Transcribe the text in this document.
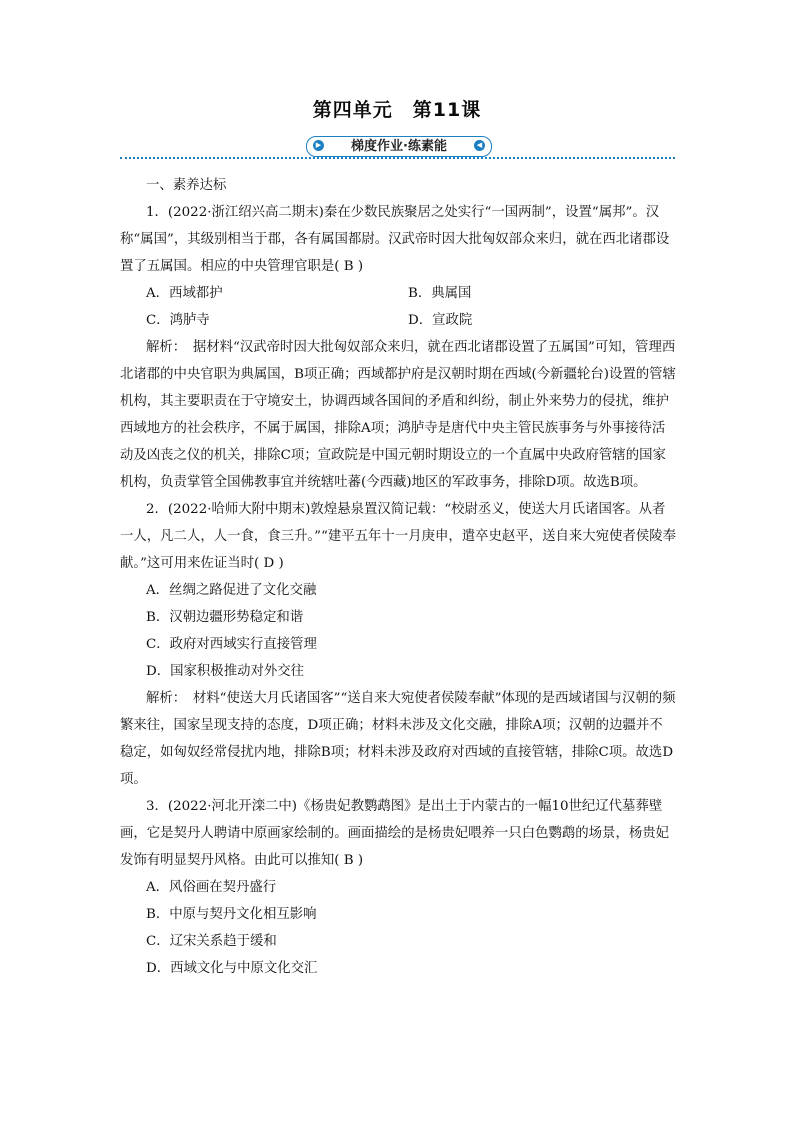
第四单元　第11课
▶	梯度作业·练素能	◀

一、素养达标

1．(2022·浙江绍兴高二期末)秦在少数民族聚居之处实行“一国两制”，设置“属邦”。汉称“属国”，其级别相当于郡，各有属国都尉。汉武帝时因大批匈奴部众来归，就在西北诸郡设置了五属国。相应的中央管理官职是( B )

A．西域都护	B．典属国
C．鸿胪寺	D．宣政院

解析：　据材料“汉武帝时因大批匈奴部众来归，就在西北诸郡设置了五属国”可知，管理西北诸郡的中央官职为典属国，B项正确；西域都护府是汉朝时期在西域(今新疆轮台)设置的管辖机构，其主要职责在于守境安土，协调西域各国间的矛盾和纠纷，制止外来势力的侵扰，维护西域地方的社会秩序，不属于属国，排除A项；鸿胪寺是唐代中央主管民族事务与外事接待活动及凶丧之仪的机关，排除C项；宣政院是中国元朝时期设立的一个直属中央政府管辖的国家机构，负责掌管全国佛教事宜并统辖吐蕃(今西藏)地区的军政事务，排除D项。故选B项。

2．(2022·哈师大附中期末)敦煌悬泉置汉简记载：“校尉丞义，使送大月氏诸国客。从者一人，凡二人，人一食，食三升。”“建平五年十一月庚申，遣卒史赵平，送自来大宛使者侯陵奉献。”这可用来佐证当时( D )

A．丝绸之路促进了文化交融

B．汉朝边疆形势稳定和谐

C．政府对西域实行直接管理

D．国家积极推动对外交往

解析：　材料“使送大月氏诸国客”“送自来大宛使者侯陵奉献”体现的是西域诸国与汉朝的频繁来往，国家呈现支持的态度，D项正确；材料未涉及文化交融，排除A项；汉朝的边疆并不稳定，如匈奴经常侵扰内地，排除B项；材料未涉及政府对西域的直接管辖，排除C项。故选D项。

3．(2022·河北开滦二中)《杨贵妃教鹦鹉图》是出土于内蒙古的一幅10世纪辽代墓葬壁画，它是契丹人聘请中原画家绘制的。画面描绘的是杨贵妃喂养一只白色鹦鹉的场景，杨贵妃发饰有明显契丹风格。由此可以推知( B )

A．风俗画在契丹盛行

B．中原与契丹文化相互影响

C．辽宋关系趋于缓和

D．西域文化与中原文化交汇
